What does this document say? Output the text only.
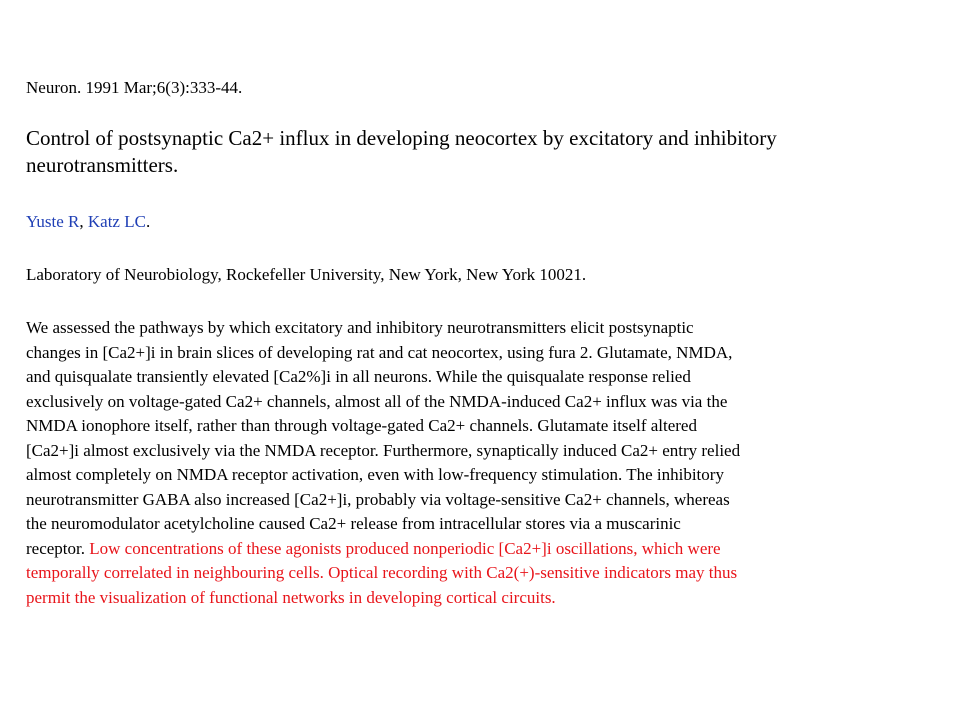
Neuron. 1991 Mar;6(3):333-44.
Control of postsynaptic Ca2+ influx in developing neocortex by excitatory and inhibitory
neurotransmitters.
Yuste R, Katz LC.
Laboratory of Neurobiology, Rockefeller University, New York, New York 10021.
We assessed the pathways by which excitatory and inhibitory neurotransmitters elicit postsynaptic
changes in [Ca2+]i in brain slices of developing rat and cat neocortex, using fura 2. Glutamate, NMDA,
and quisqualate transiently elevated [Ca2%]i in all neurons. While the quisqualate response relied
exclusively on voltage-gated Ca2+ channels, almost all of the NMDA-induced Ca2+ influx was via the
NMDA ionophore itself, rather than through voltage-gated Ca2+ channels. Glutamate itself altered
[Ca2+]i almost exclusively via the NMDA receptor. Furthermore, synaptically induced Ca2+ entry relied
almost completely on NMDA receptor activation, even with low-frequency stimulation. The inhibitory
neurotransmitter GABA also increased [Ca2+]i, probably via voltage-sensitive Ca2+ channels, whereas
the neuromodulator acetylcholine caused Ca2+ release from intracellular stores via a muscarinic
receptor. Low concentrations of these agonists produced nonperiodic [Ca2+]i oscillations, which were
temporally correlated in neighbouring cells. Optical recording with Ca2(+)-sensitive indicators may thus
permit the visualization of functional networks in developing cortical circuits.
